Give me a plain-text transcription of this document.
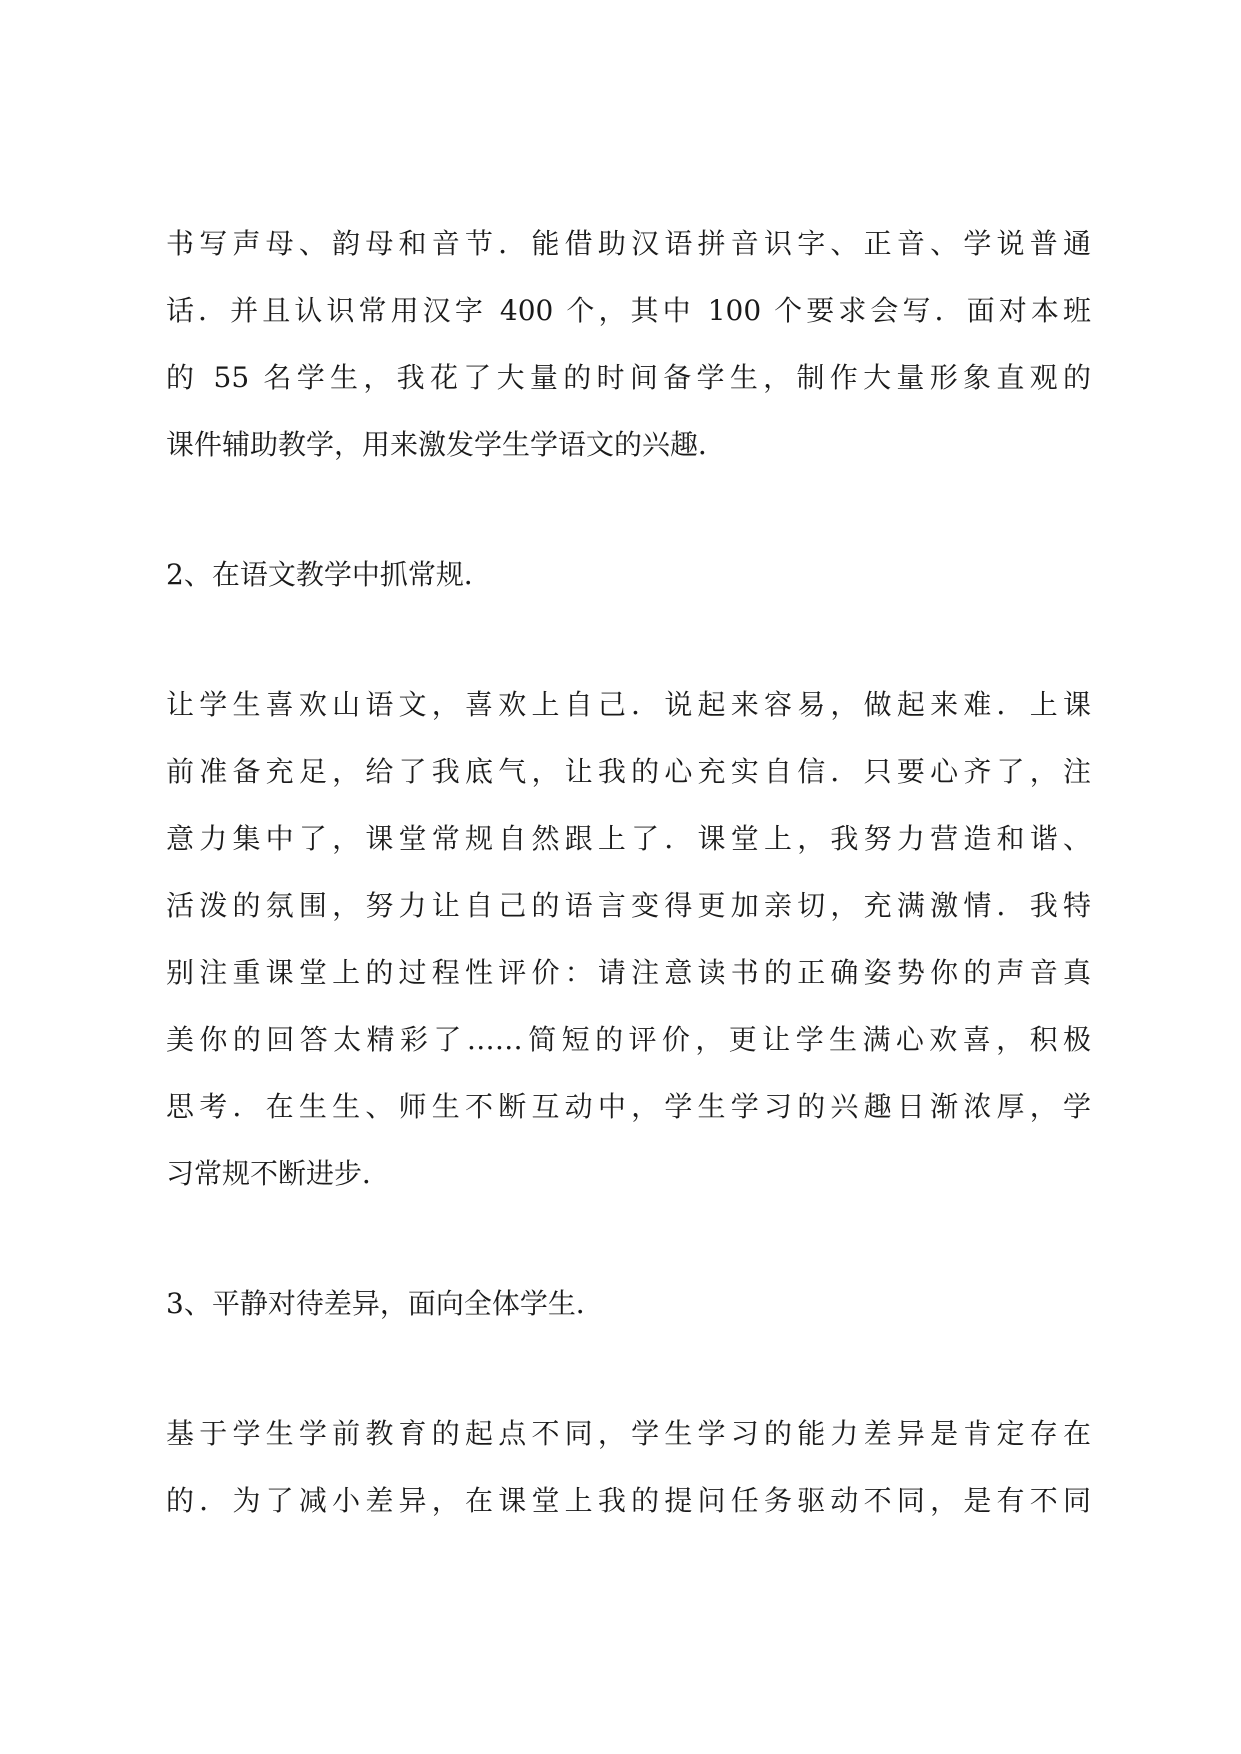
书写声母、韵母和音节．能借助汉语拼音识字、正音、学说普通
话．并且认识常用汉字 400 个，其中 100 个要求会写．面对本班
的 55 名学生，我花了大量的时间备学生，制作大量形象直观的
课件辅助教学，用来激发学生学语文的兴趣．
2、在语文教学中抓常规．
让学生喜欢山语文，喜欢上自己．说起来容易，做起来难．上课
前准备充足，给了我底气，让我的心充实自信．只要心齐了，注
意力集中了，课堂常规自然跟上了．课堂上，我努力营造和谐、
活泼的氛围，努力让自己的语言变得更加亲切，充满激情．我特
别注重课堂上的过程性评价：请注意读书的正确姿势你的声音真
美你的回答太精彩了……简短的评价，更让学生满心欢喜，积极
思考．在生生、师生不断互动中，学生学习的兴趣日渐浓厚，学
习常规不断进步．
3、平静对待差异，面向全体学生．
基于学生学前教育的起点不同，学生学习的能力差异是肯定存在
的．为了减小差异，在课堂上我的提问任务驱动不同，是有不同
